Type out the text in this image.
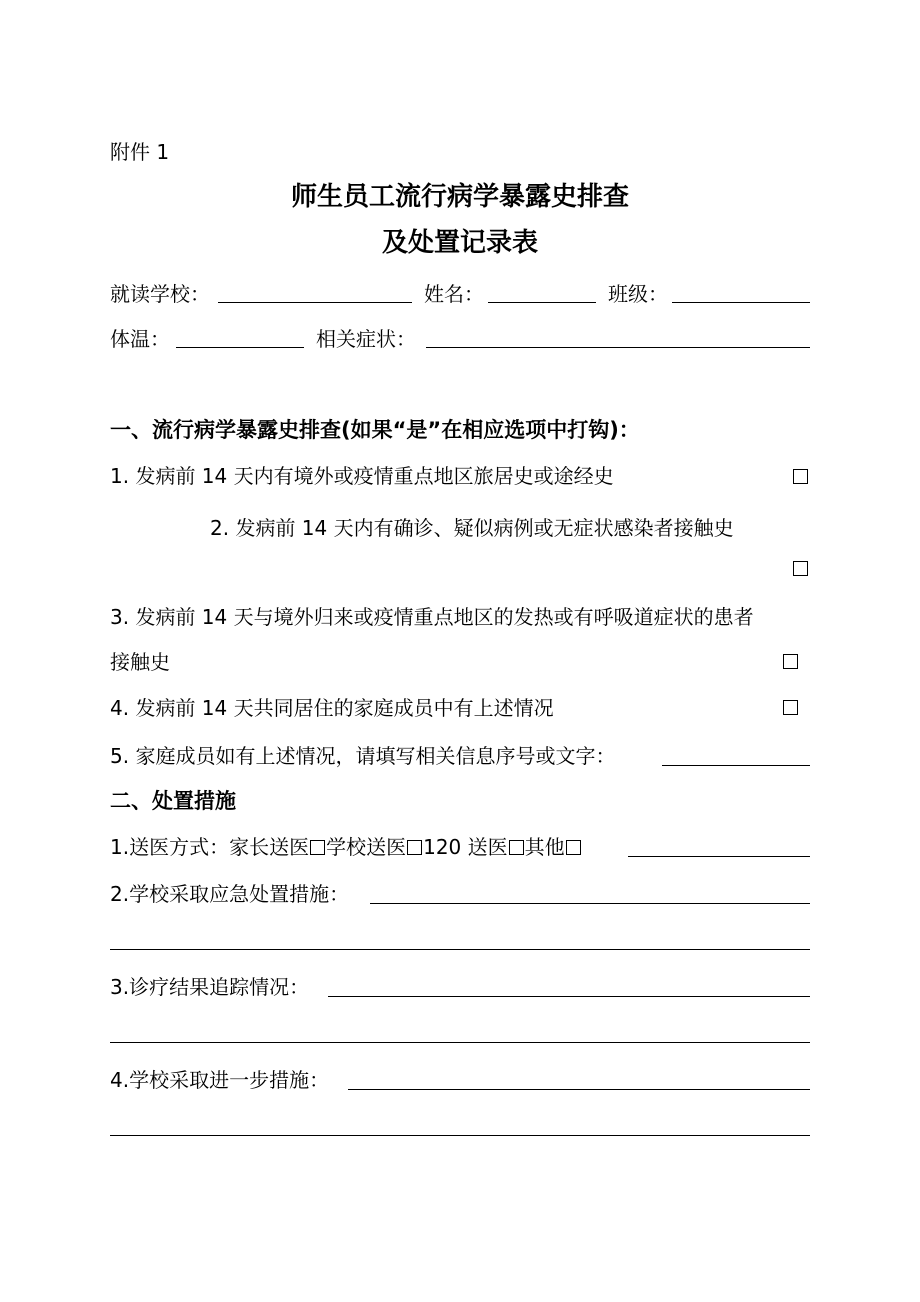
附件 1
师生员工流行病学暴露史排查
及处置记录表
就读学校：	姓名：	班级：
体温：	相关症状：
一、流行病学暴露史排查(如果“是”在相应选项中打钩)：
1. 发病前 14 天内有境外或疫情重点地区旅居史或途经史
2. 发病前 14 天内有确诊、疑似病例或无症状感染者接触史
3. 发病前 14 天与境外归来或疫情重点地区的发热或有呼吸道症状的患者
接触史
4. 发病前 14 天共同居住的家庭成员中有上述情况
5. 家庭成员如有上述情况，请填写相关信息序号或文字：
二、处置措施
1.送医方式：家长送医 学校送医 120 送医 其他
2.学校采取应急处置措施：
3.诊疗结果追踪情况：
4.学校采取进一步措施：
